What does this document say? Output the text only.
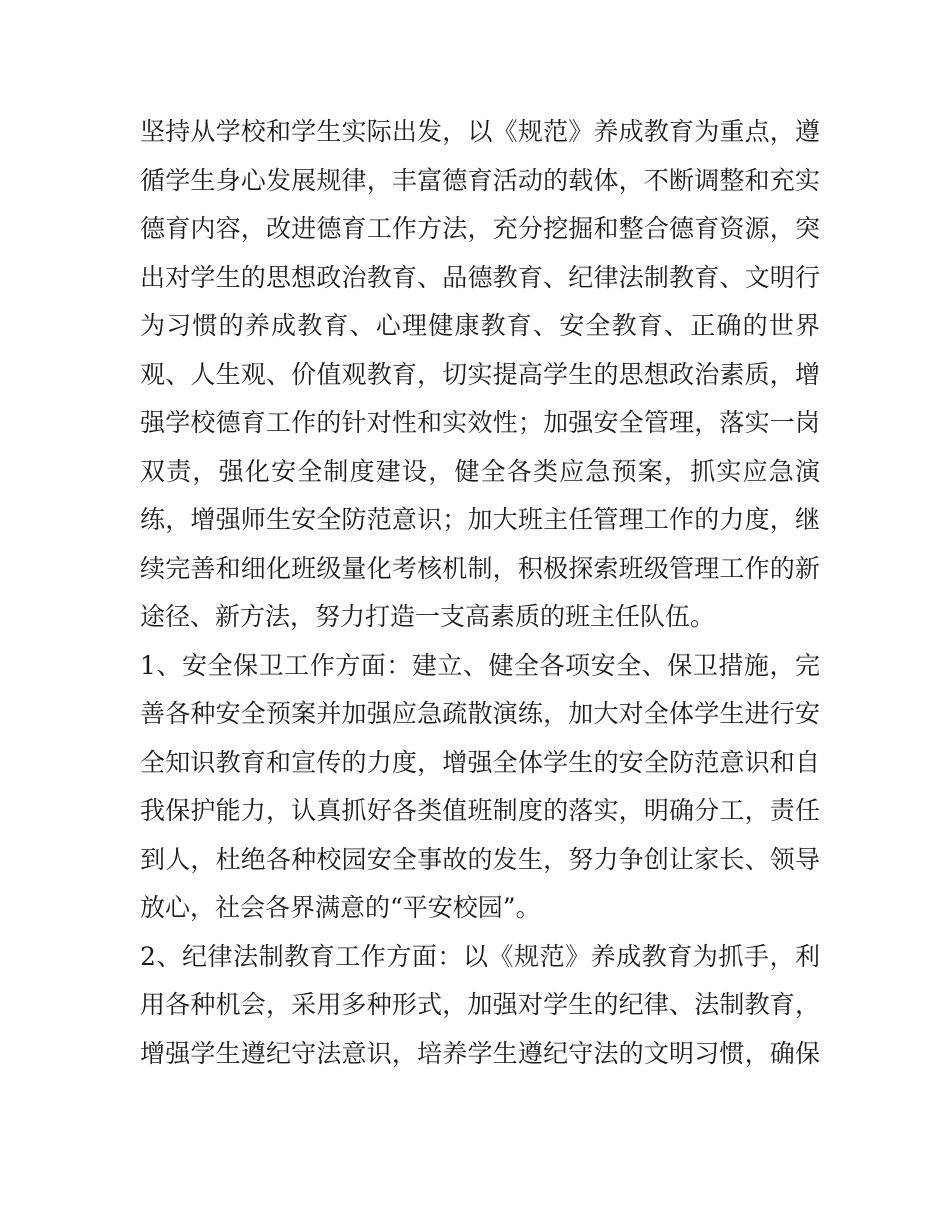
坚持从学校和学生实际出发，以《规范》养成教育为重点，遵
循学生身心发展规律，丰富德育活动的载体，不断调整和充实
德育内容，改进德育工作方法，充分挖掘和整合德育资源，突
出对学生的思想政治教育、品德教育、纪律法制教育、文明行
为习惯的养成教育、心理健康教育、安全教育、正确的世界
观、人生观、价值观教育，切实提高学生的思想政治素质，增
强学校德育工作的针对性和实效性；加强安全管理，落实一岗
双责，强化安全制度建设，健全各类应急预案，抓实应急演
练，增强师生安全防范意识；加大班主任管理工作的力度，继
续完善和细化班级量化考核机制，积极探索班级管理工作的新
途径、新方法，努力打造一支高素质的班主任队伍。
1、安全保卫工作方面：建立、健全各项安全、保卫措施，完
善各种安全预案并加强应急疏散演练，加大对全体学生进行安
全知识教育和宣传的力度，增强全体学生的安全防范意识和自
我保护能力，认真抓好各类值班制度的落实，明确分工，责任
到人，杜绝各种校园安全事故的发生，努力争创让家长、领导
放心，社会各界满意的“平安校园”。
2、纪律法制教育工作方面：以《规范》养成教育为抓手，利
用各种机会，采用多种形式，加强对学生的纪律、法制教育，
增强学生遵纪守法意识，培养学生遵纪守法的文明习惯，确保
